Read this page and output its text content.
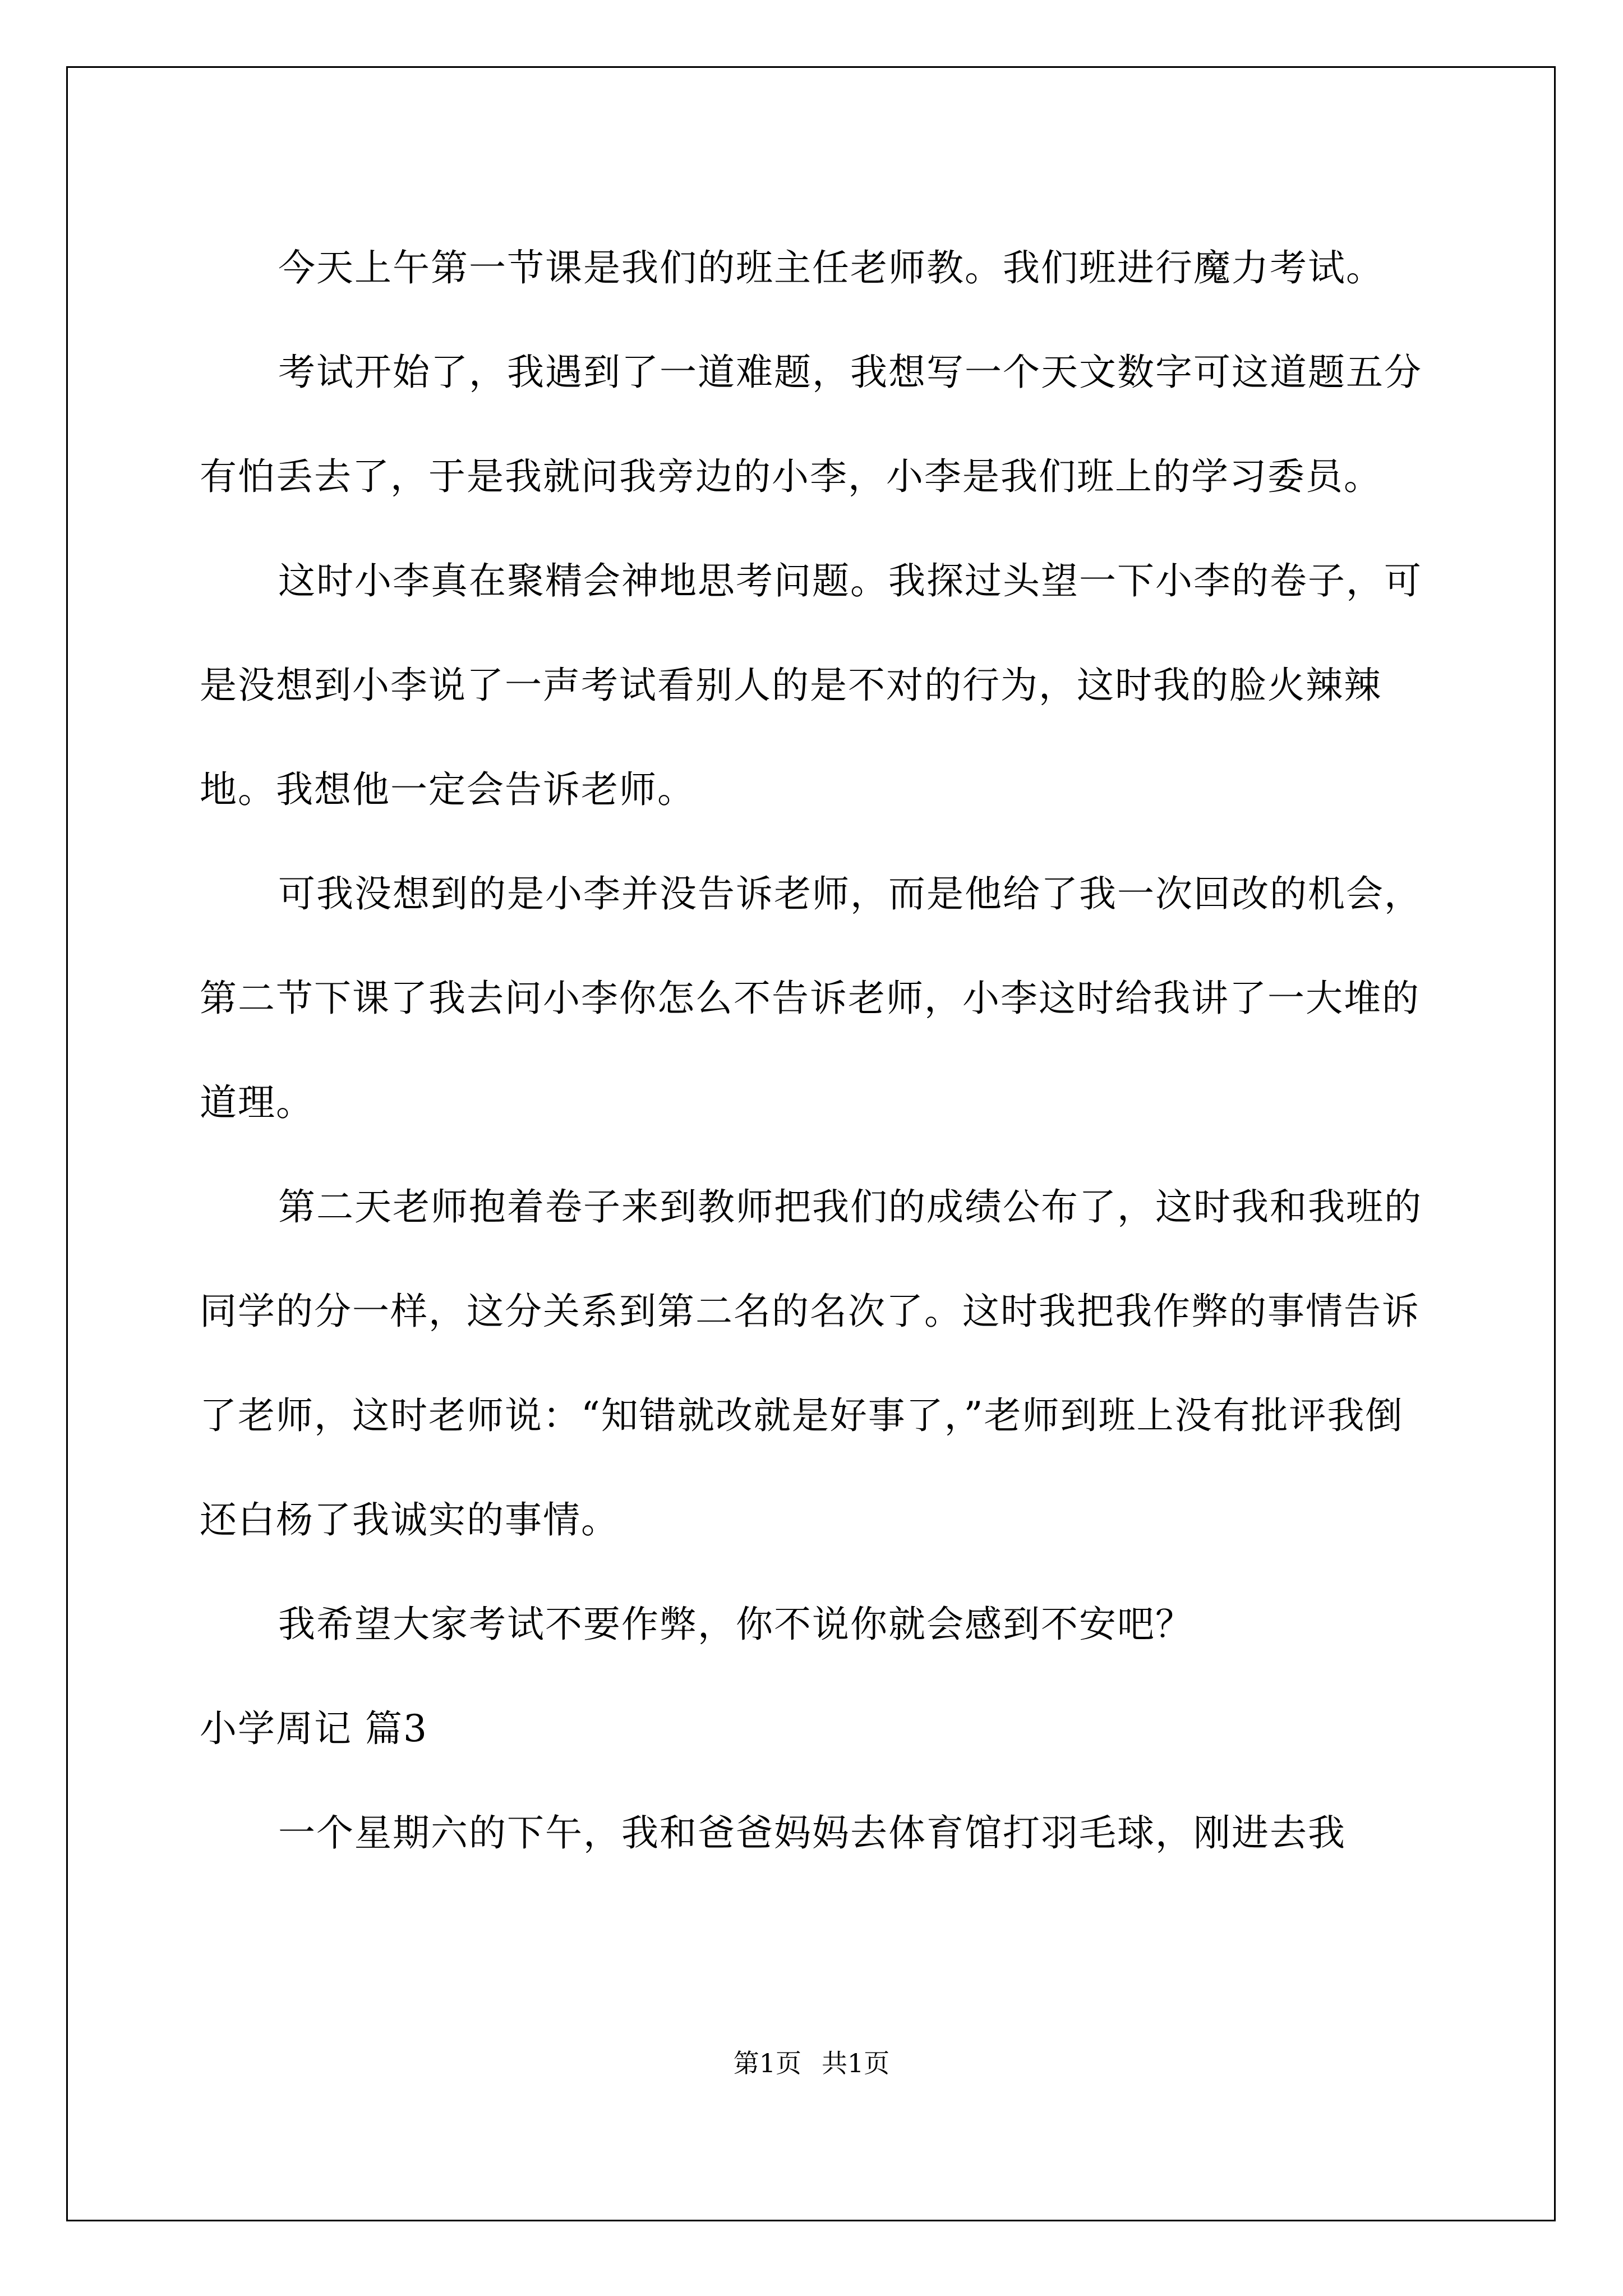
今天上午第一节课是我们的班主任老师教。我们班进行魔力考试。

考试开始了，我遇到了一道难题，我想写一个天文数字可这道题五分有怕丢去了，于是我就问我旁边的小李，小李是我们班上的学习委员。

这时小李真在聚精会神地思考问题。我探过头望一下小李的卷子，可是没想到小李说了一声考试看别人的是不对的行为，这时我的脸火辣辣地。我想他一定会告诉老师。

可我没想到的是小李并没告诉老师，而是他给了我一次回改的机会，第二节下课了我去问小李你怎么不告诉老师，小李这时给我讲了一大堆的道理。

第二天老师抱着卷子来到教师把我们的成绩公布了，这时我和我班的同学的分一样，这分关系到第二名的名次了。这时我把我作弊的事情告诉了老师，这时老师说：“知错就改就是好事了，”老师到班上没有批评我倒还白杨了我诚实的事情。

我希望大家考试不要作弊，你不说你就会感到不安吧？

小学周记 篇3

一个星期六的下午，我和爸爸妈妈去体育馆打羽毛球，刚进去我

第1页 共1页
